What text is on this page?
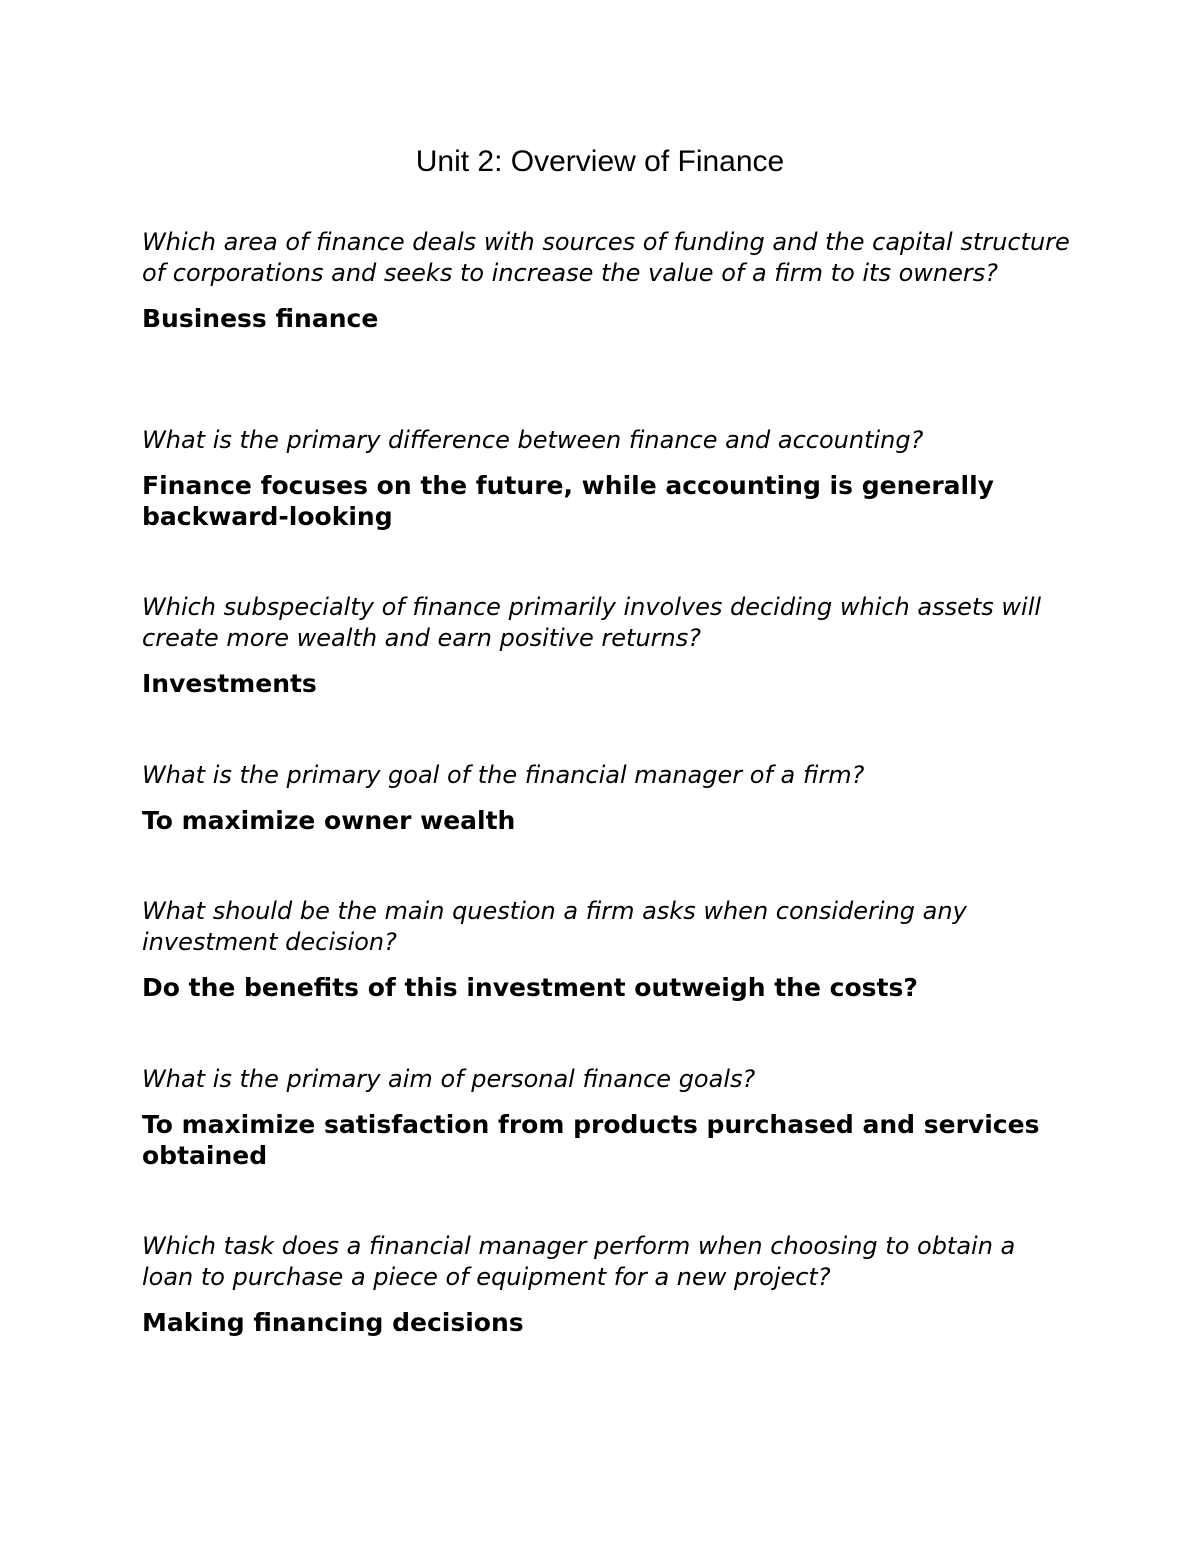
Unit 2: Overview of Finance

Which area of finance deals with sources of funding and the capital structure of corporations and seeks to increase the value of a firm to its owners?

Business finance

What is the primary difference between finance and accounting?

Finance focuses on the future, while accounting is generally backward-looking

Which subspecialty of finance primarily involves deciding which assets will create more wealth and earn positive returns?

Investments

What is the primary goal of the financial manager of a firm?

To maximize owner wealth

What should be the main question a firm asks when considering any investment decision?

Do the benefits of this investment outweigh the costs?

What is the primary aim of personal finance goals?

To maximize satisfaction from products purchased and services obtained

Which task does a financial manager perform when choosing to obtain a loan to purchase a piece of equipment for a new project?

Making financing decisions
